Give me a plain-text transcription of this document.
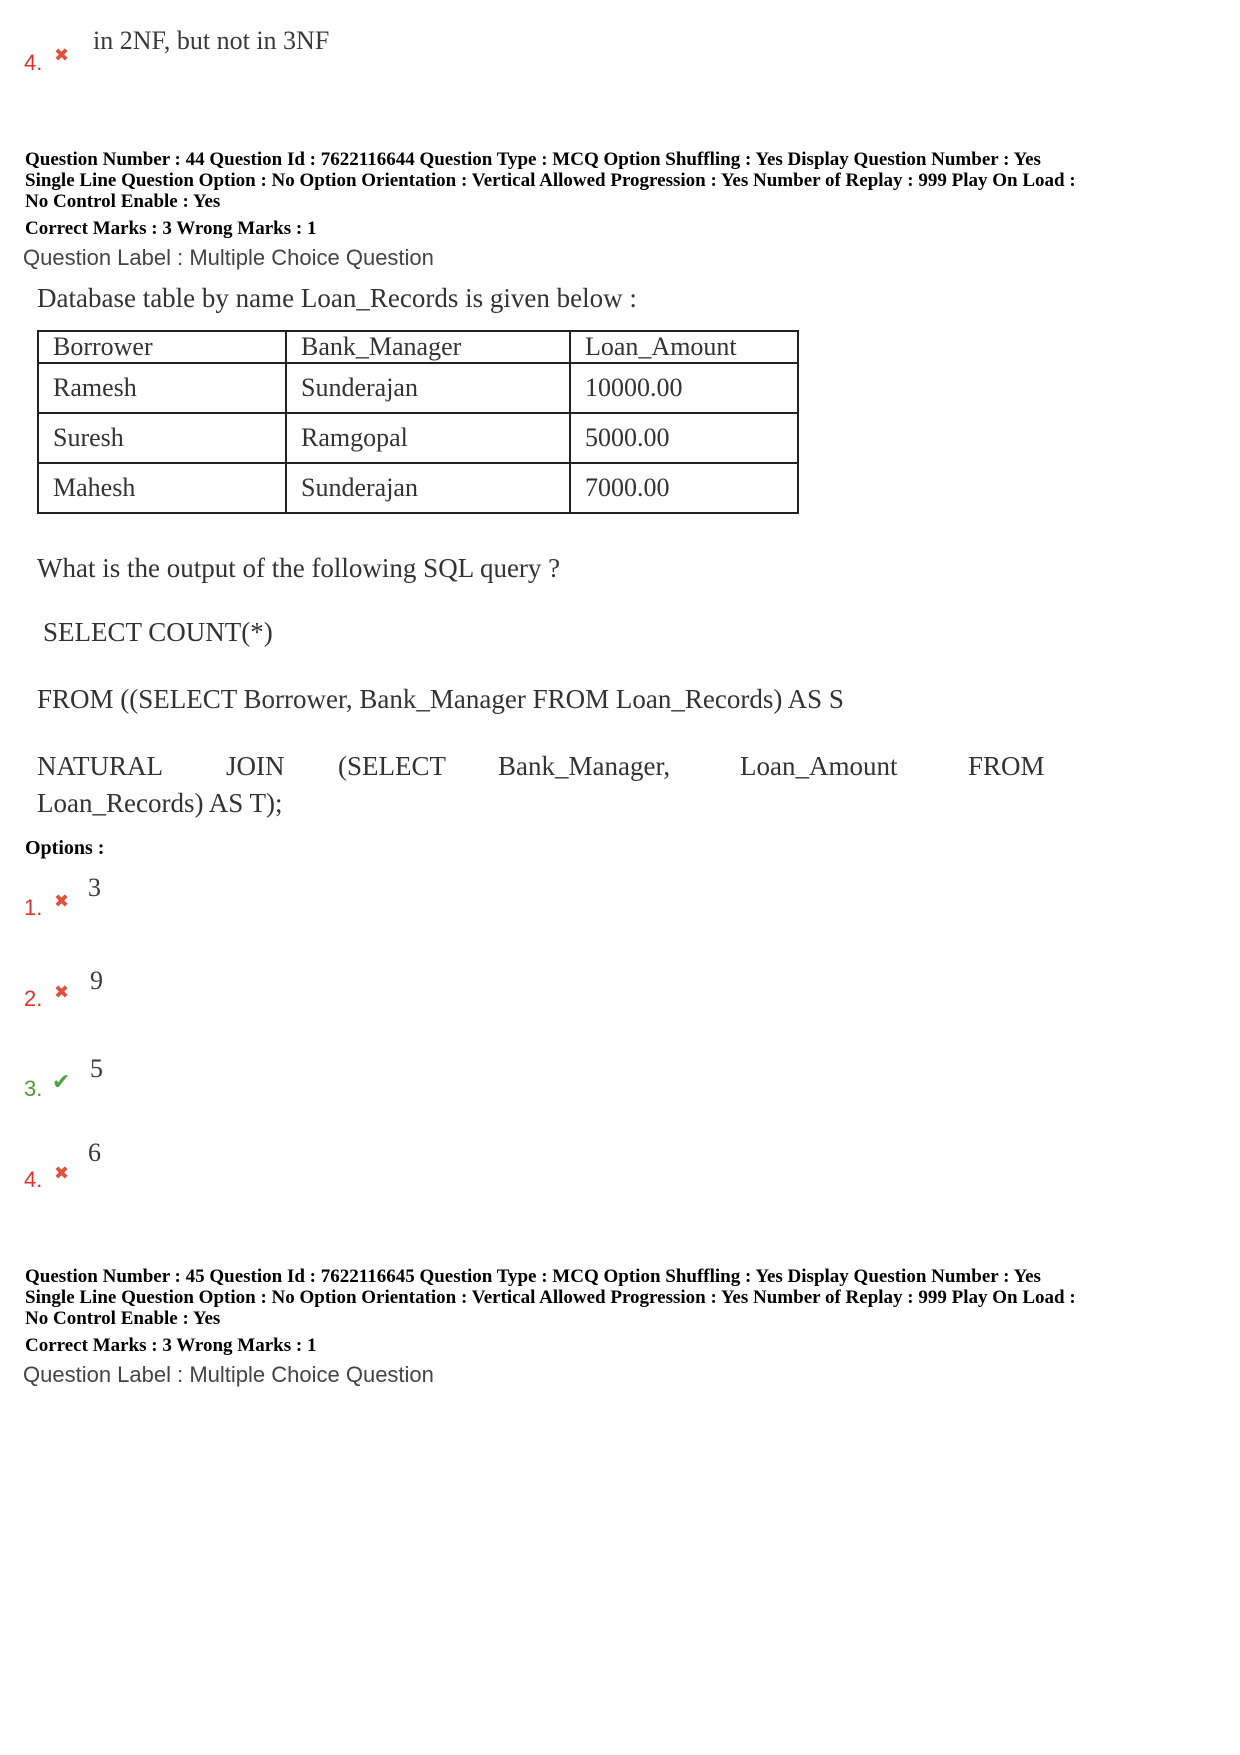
4. ✖
in 2NF, but not in 3NF
Question Number : 44 Question Id : 7622116644 Question Type : MCQ Option Shuffling : Yes Display Question Number : Yes
Single Line Question Option : No Option Orientation : Vertical Allowed Progression : Yes Number of Replay : 999 Play On Load :
No Control Enable : Yes
Correct Marks : 3 Wrong Marks : 1
Question Label : Multiple Choice Question
Database table by name Loan_Records is given below :
Borrower	Bank_Manager	Loan_Amount
Ramesh	Sunderajan	10000.00
Suresh	Ramgopal	5000.00
Mahesh	Sunderajan	7000.00
What is the output of the following SQL query ?
SELECT COUNT(*)
FROM ((SELECT Borrower, Bank_Manager FROM Loan_Records) AS S
NATURAL JOIN (SELECT Bank_Manager,	Loan_Amount	FROM
Loan_Records) AS T);
Options :
1. ✖ 3
2. ✖ 9
3. ✔ 5
4. ✖
6
Question Number : 45 Question Id : 7622116645 Question Type : MCQ Option Shuffling : Yes Display Question Number : Yes
Single Line Question Option : No Option Orientation : Vertical Allowed Progression : Yes Number of Replay : 999 Play On Load :
No Control Enable : Yes
Correct Marks : 3 Wrong Marks : 1
Question Label : Multiple Choice Question
